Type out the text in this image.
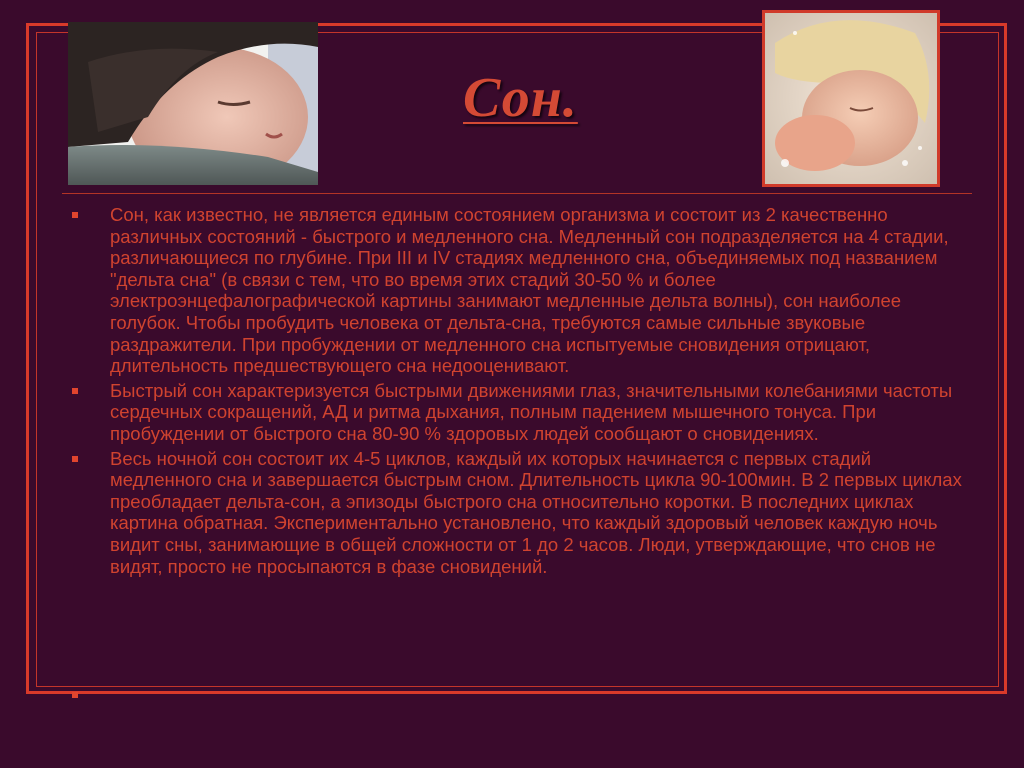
Сон.
Сон, как известно, не является единым состоянием организма и состоит из 2 качественно различных состояний - быстрого и медленного сна. Медленный сон подразделяется на 4 стадии, различающиеся по глубине. При III и IV стадиях медленного сна, объединяемых под названием "дельта сна" (в связи с тем, что во время этих стадий 30-50 % и более электроэнцефалографической картины занимают медленные дельта волны), сон наиболее голубок. Чтобы пробудить человека от дельта-сна, требуются самые сильные звуковые раздражители. При пробуждении от медленного сна испытуемые сновидения отрицают, длительность предшествующего сна недооценивают.
Быстрый сон характеризуется быстрыми движениями глаз, значительными колебаниями частоты сердечных сокращений, АД и ритма дыхания, полным падением мышечного тонуса. При пробуждении от быстрого сна 80-90 % здоровых людей сообщают о сновидениях.
Весь ночной сон состоит их 4-5 циклов, каждый их которых начинается с первых стадий медленного сна и завершается быстрым сном. Длительность цикла 90-100мин. В 2 первых циклах преобладает дельта-сон, а эпизоды быстрого сна относительно коротки. В последних циклах картина обратная. Экспериментально установлено, что каждый здоровый человек каждую ночь видит сны, занимающие в общей сложности от 1 до 2 часов. Люди, утверждающие, что снов не видят, просто не просыпаются в фазе сновидений.
